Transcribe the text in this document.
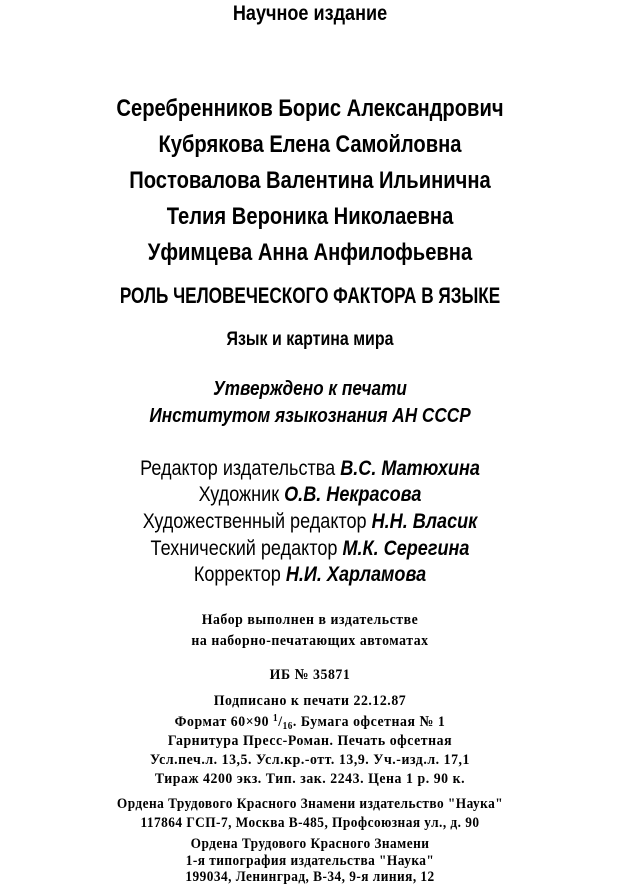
Научное издание
Серебренников Борис Александрович
Кубрякова Елена Самойловна
Постовалова Валентина Ильинична
Телия Вероника Николаевна
Уфимцева Анна Анфилофьевна
РОЛЬ ЧЕЛОВЕЧЕСКОГО ФАКТОРА В ЯЗЫКЕ
Язык и картина мира
Утверждено к печати
Институтом языкознания АН СССР
Редактор издательства В.С. Матюхина
Художник О.В. Некрасова
Художественный редактор Н.Н. Власик
Технический редактор М.К. Серегина
Корректор Н.И. Харламова
Набор выполнен в издательстве
на наборно-печатающих автоматах
ИБ № 35871
Подписано к печати 22.12.87
Формат 60×90 $^1/_{16}$. Бумага офсетная № 1
Гарнитура Пресс-Роман. Печать офсетная
Усл.печ.л. 13,5. Усл.кр.-отт. 13,9. Уч.-изд.л. 17,1
Тираж 4200 экз. Тип. зак. 2243. Цена 1 р. 90 к.
Ордена Трудового Красного Знамени издательство "Наука"
117864 ГСП-7, Москва В-485, Профсоюзная ул., д. 90
Ордена Трудового Красного Знамени
1-я типография издательства "Наука"
199034, Ленинград, В-34, 9-я линия, 12
